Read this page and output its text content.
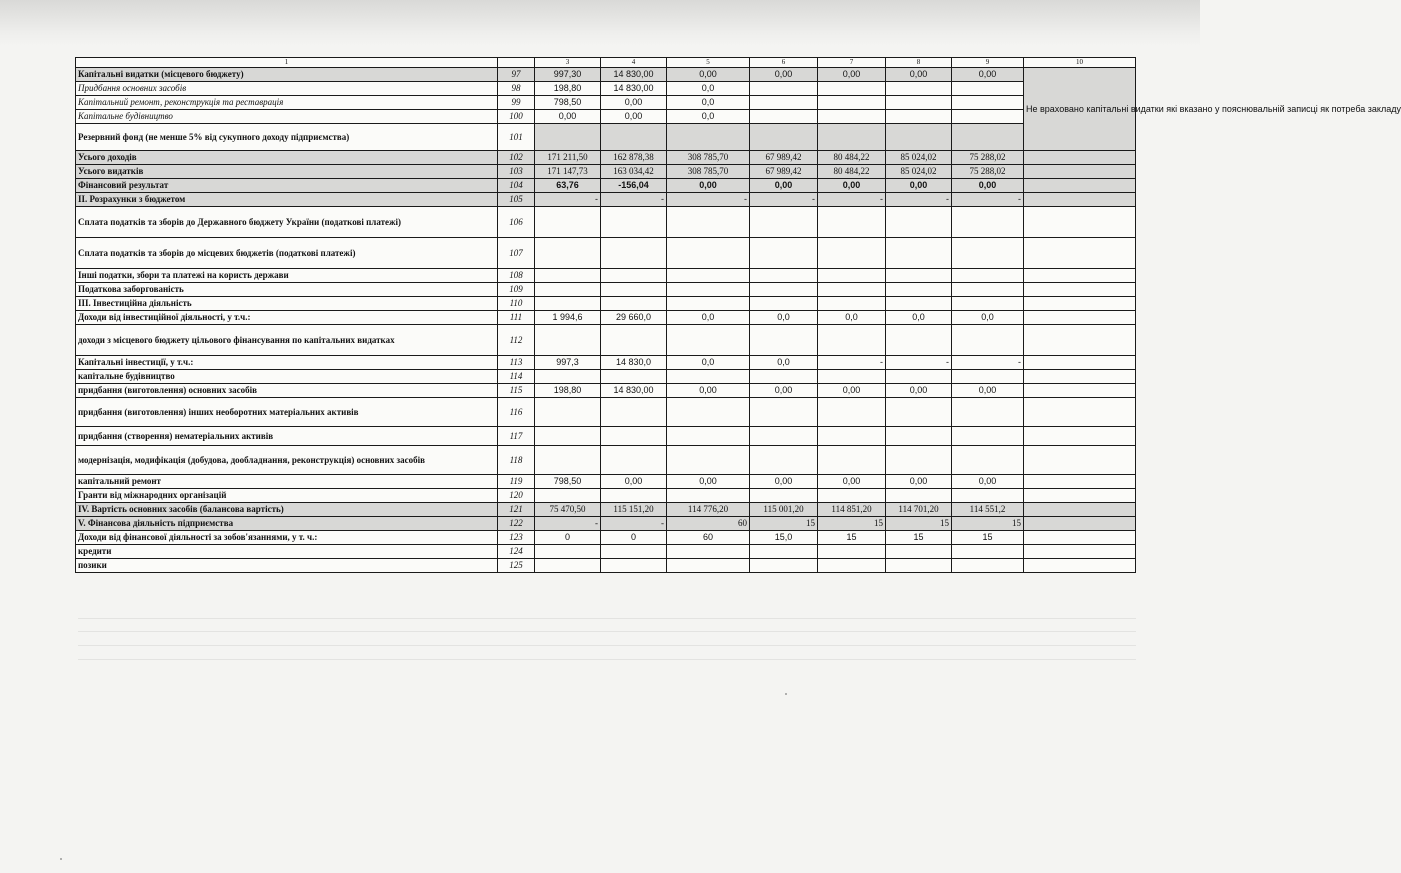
1		3	4	5	6	7	8	9	10
Капітальні видатки (місцевого бюджету)	97	997,30	14 830,00	0,00	0,00	0,00	0,00	0,00	Не враховано капітальні видатки які вказано у пояснювальній записці як потреба закладу
Придбання основних засобів	98	198,80	14 830,00	0,0					
Капітальний ремонт, реконструкція та реставрація	99	798,50	0,00	0,0					
Капітальне будівництво	100	0,00	0,00	0,0					
Резервний фонд (не менше 5% від сукупного доходу підприємства)	101								
Усього доходів	102	171 211,50	162 878,38	308 785,70	67 989,42	80 484,22	85 024,02	75 288,02	
Усього видатків	103	171 147,73	163 034,42	308 785,70	67 989,42	80 484,22	85 024,02	75 288,02	
Фінансовий результат	104	63,76	-156,04	0,00	0,00	0,00	0,00	0,00	
ІІ. Розрахунки з бюджетом	105	-	-	-	-	-	-	-	
Сплата податків та зборів до Державного бюджету України (податкові платежі)	106								
Сплата податків та зборів до місцевих бюджетів (податкові платежі)	107								
Інші податки, збори та платежі на користь держави	108								
Податкова заборгованість	109								
ІІІ. Інвестиційна діяльність	110								
Доходи від інвестиційної діяльності, у т.ч.:	111	1 994,6	29 660,0	0,0	0,0	0,0	0,0	0,0	
доходи з місцевого бюджету цільового фінансування по капітальних видатках	112								
Капітальні інвестиції, у т.ч.:	113	997,3	14 830,0	0,0	0,0	-	-	-	
капітальне будівництво	114								
придбання (виготовлення) основних засобів	115	198,80	14 830,00	0,00	0,00	0,00	0,00	0,00	
придбання (виготовлення) інших необоротних матеріальних активів	116								
придбання (створення) нематеріальних активів	117								
модернізація, модифікація (добудова, дообладнання, реконструкція) основних засобів	118								
капітальний ремонт	119	798,50	0,00	0,00	0,00	0,00	0,00	0,00	
Гранти від міжнародних організацій	120								
ІV. Вартість основних засобів (балансова вартість)	121	75 470,50	115 151,20	114 776,20	115 001,20	114 851,20	114 701,20	114 551,2	
V. Фінансова діяльність підприємства	122	-	-	60	15	15	15	15	
Доходи від фінансової діяльності за зобов'язаннями, у т. ч.:	123	0	0	60	15,0	15	15	15	
кредити	124								
позики	125								
